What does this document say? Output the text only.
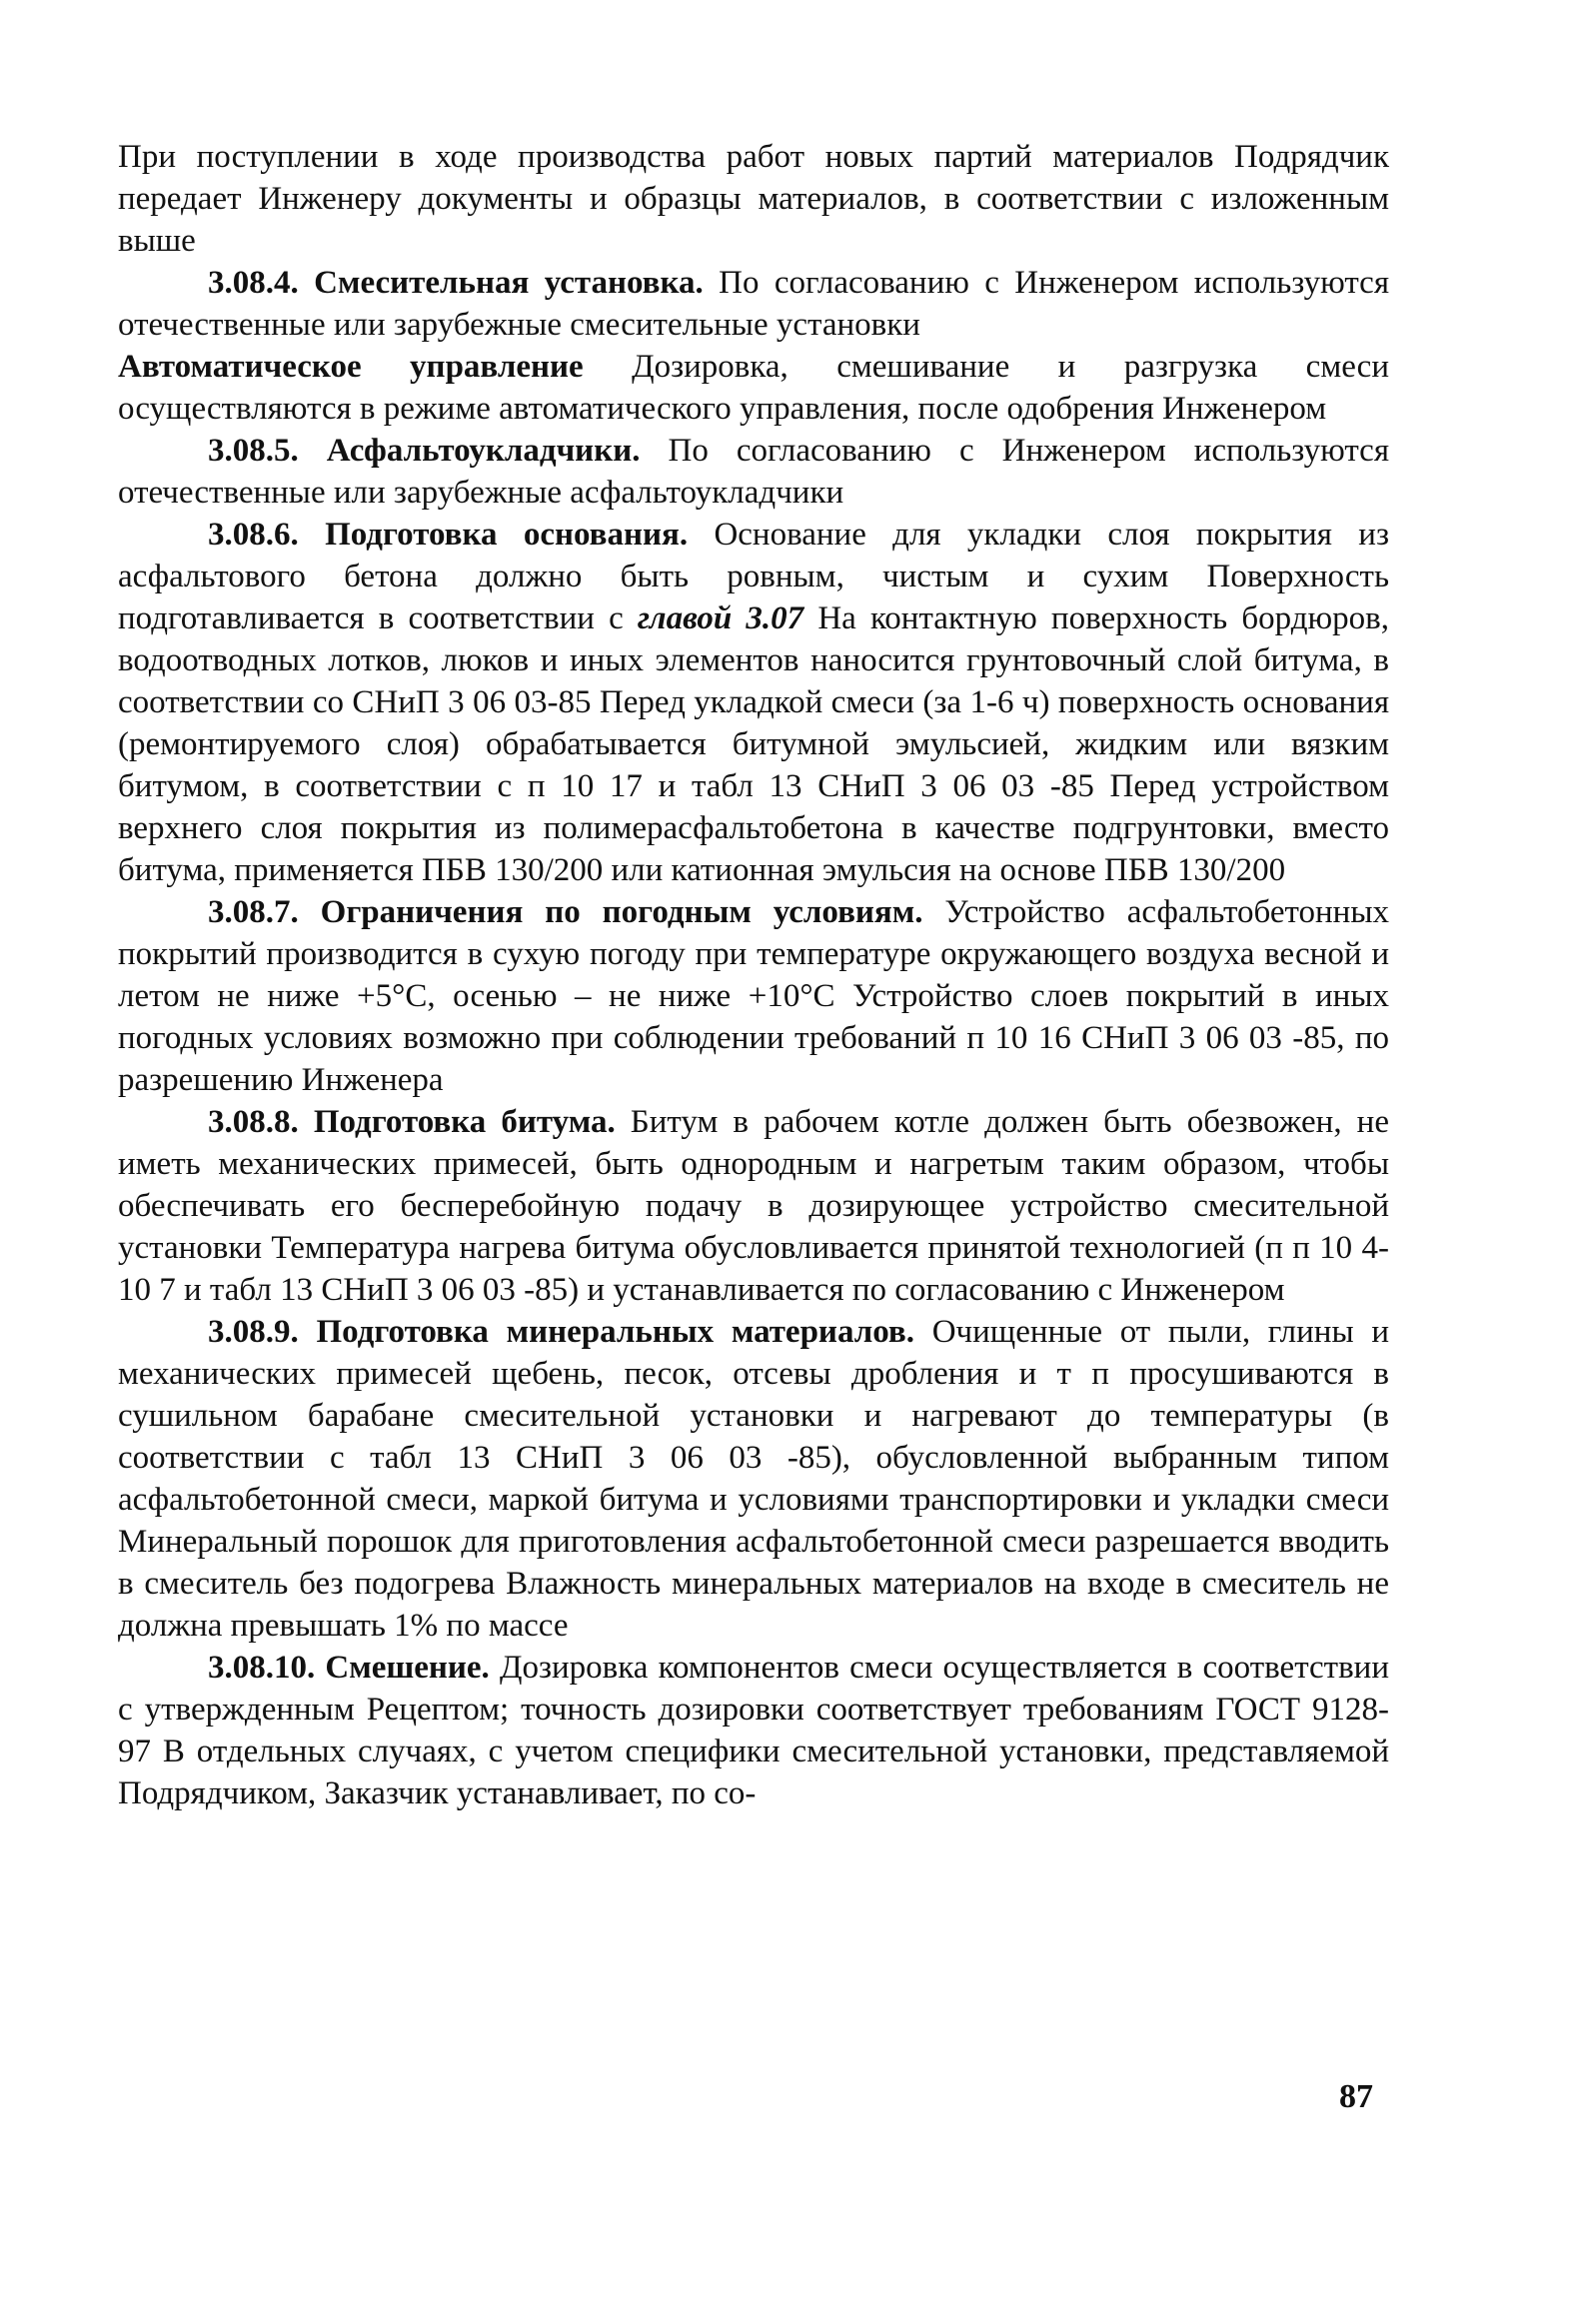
При поступлении в ходе производства работ новых партий материалов Подрядчик передает Инженеру документы и образцы материалов, в соответствии с изложенным выше

3.08.4. Смесительная установка. По согласованию с Инженером используются отечественные или зарубежные смесительные установки

Автоматическое управление Дозировка, смешивание и разгрузка смеси осуществляются в режиме автоматического управления, после одобрения Инженером

3.08.5. Асфальтоукладчики. По согласованию с Инженером используются отечественные или зарубежные асфальтоукладчики

3.08.6. Подготовка основания. Основание для укладки слоя покрытия из асфальтового бетона должно быть ровным, чистым и сухим Поверхность подготавливается в соответствии с главой 3.07 На контактную поверхность бордюров, водоотводных лотков, люков и иных элементов наносится грунтовочный слой битума, в соответствии со СНиП 3 06 03-85 Перед укладкой смеси (за 1-6 ч) поверхность основания (ремонтируемого слоя) обрабатывается битумной эмульсией, жидким или вязким битумом, в соответствии с п 10 17 и табл 13 СНиП 3 06 03 -85 Перед устройством верхнего слоя покрытия из полимерасфальтобетона в качестве подгрунтовки, вместо битума, применяется ПБВ 130/200 или катионная эмульсия на основе ПБВ 130/200

3.08.7. Ограничения по погодным условиям. Устройство асфальтобетонных покрытий производится в сухую погоду при температуре окружающего воздуха весной и летом не ниже +5°С, осенью – не ниже +10°С Устройство слоев покрытий в иных погодных условиях возможно при соблюдении требований п 10 16 СНиП 3 06 03 -85, по разрешению Инженера

3.08.8. Подготовка битума. Битум в рабочем котле должен быть обезвожен, не иметь механических примесей, быть однородным и нагретым таким образом, чтобы обеспечивать его бесперебойную подачу в дозирующее устройство смесительной установки Температура нагрева битума обусловливается принятой технологией (п п 10 4-10 7 и табл 13 СНиП 3 06 03 -85) и устанавливается по согласованию с Инженером

3.08.9. Подготовка минеральных материалов. Очищенные от пыли, глины и механических примесей щебень, песок, отсевы дробления и т п просушиваются в сушильном барабане смесительной установки и нагревают до температуры (в соответствии с табл 13 СНиП 3 06 03 -85), обусловленной выбранным типом асфальтобетонной смеси, маркой битума и условиями транспортировки и укладки смеси Минеральный порошок для приготовления асфальтобетонной смеси разрешается вводить в смеситель без подогрева Влажность минеральных материалов на входе в смеситель не должна превышать 1% по массе

3.08.10. Смешение. Дозировка компонентов смеси осуществляется в соответствии с утвержденным Рецептом; точность дозировки соответствует требованиям ГОСТ 9128-97 В отдельных случаях, с учетом специфики смесительной установки, представляемой Подрядчиком, Заказчик устанавливает, по со-

87
